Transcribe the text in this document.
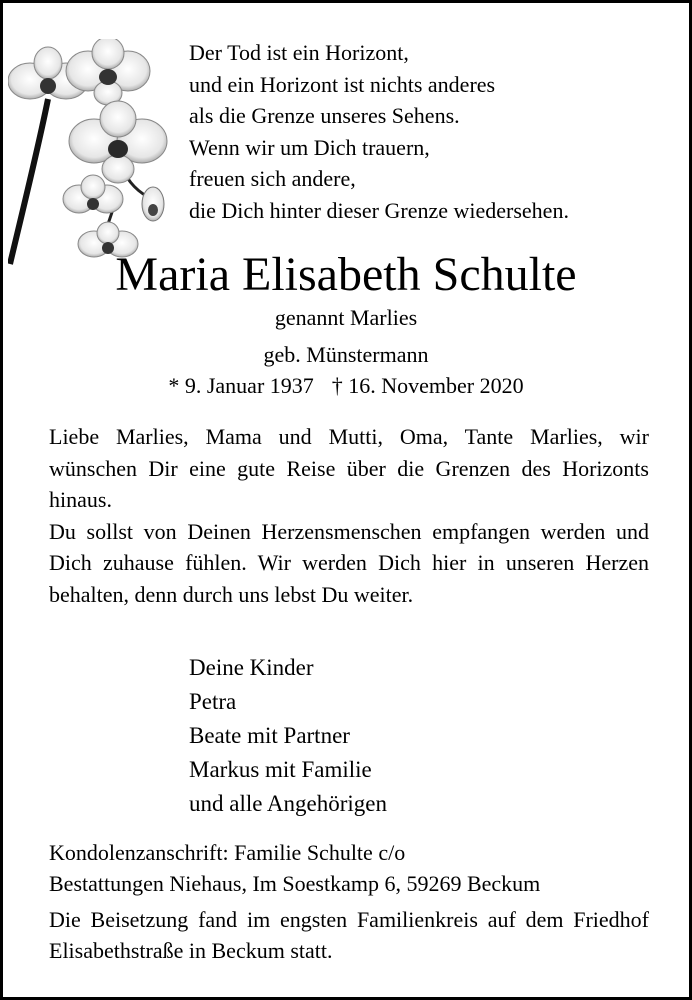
Der Tod ist ein Horizont,
und ein Horizont ist nichts anderes
als die Grenze unseres Sehens.
Wenn wir um Dich trauern,
freuen sich andere,
die Dich hinter dieser Grenze wiedersehen.
Maria Elisabeth Schulte
genannt Marlies
geb. Münstermann
* 9. Januar 1937 † 16. November 2020

Liebe Marlies, Mama und Mutti, Oma, Tante Marlies, wir wünschen Dir eine gute Reise über die Grenzen des Horizonts hinaus.

Du sollst von Deinen Herzensmenschen empfangen werden und Dich zuhause fühlen. Wir werden Dich hier in unseren Herzen behalten, denn durch uns lebst Du weiter.

Deine Kinder
Petra
Beate mit Partner
Markus mit Familie
und alle Angehörigen
Kondolenzanschrift: Familie Schulte c/o
Bestattungen Niehaus, Im Soestkamp 6, 59269 Beckum
Die Beisetzung fand im engsten Familienkreis auf dem Friedhof Elisabethstraße in Beckum statt.
